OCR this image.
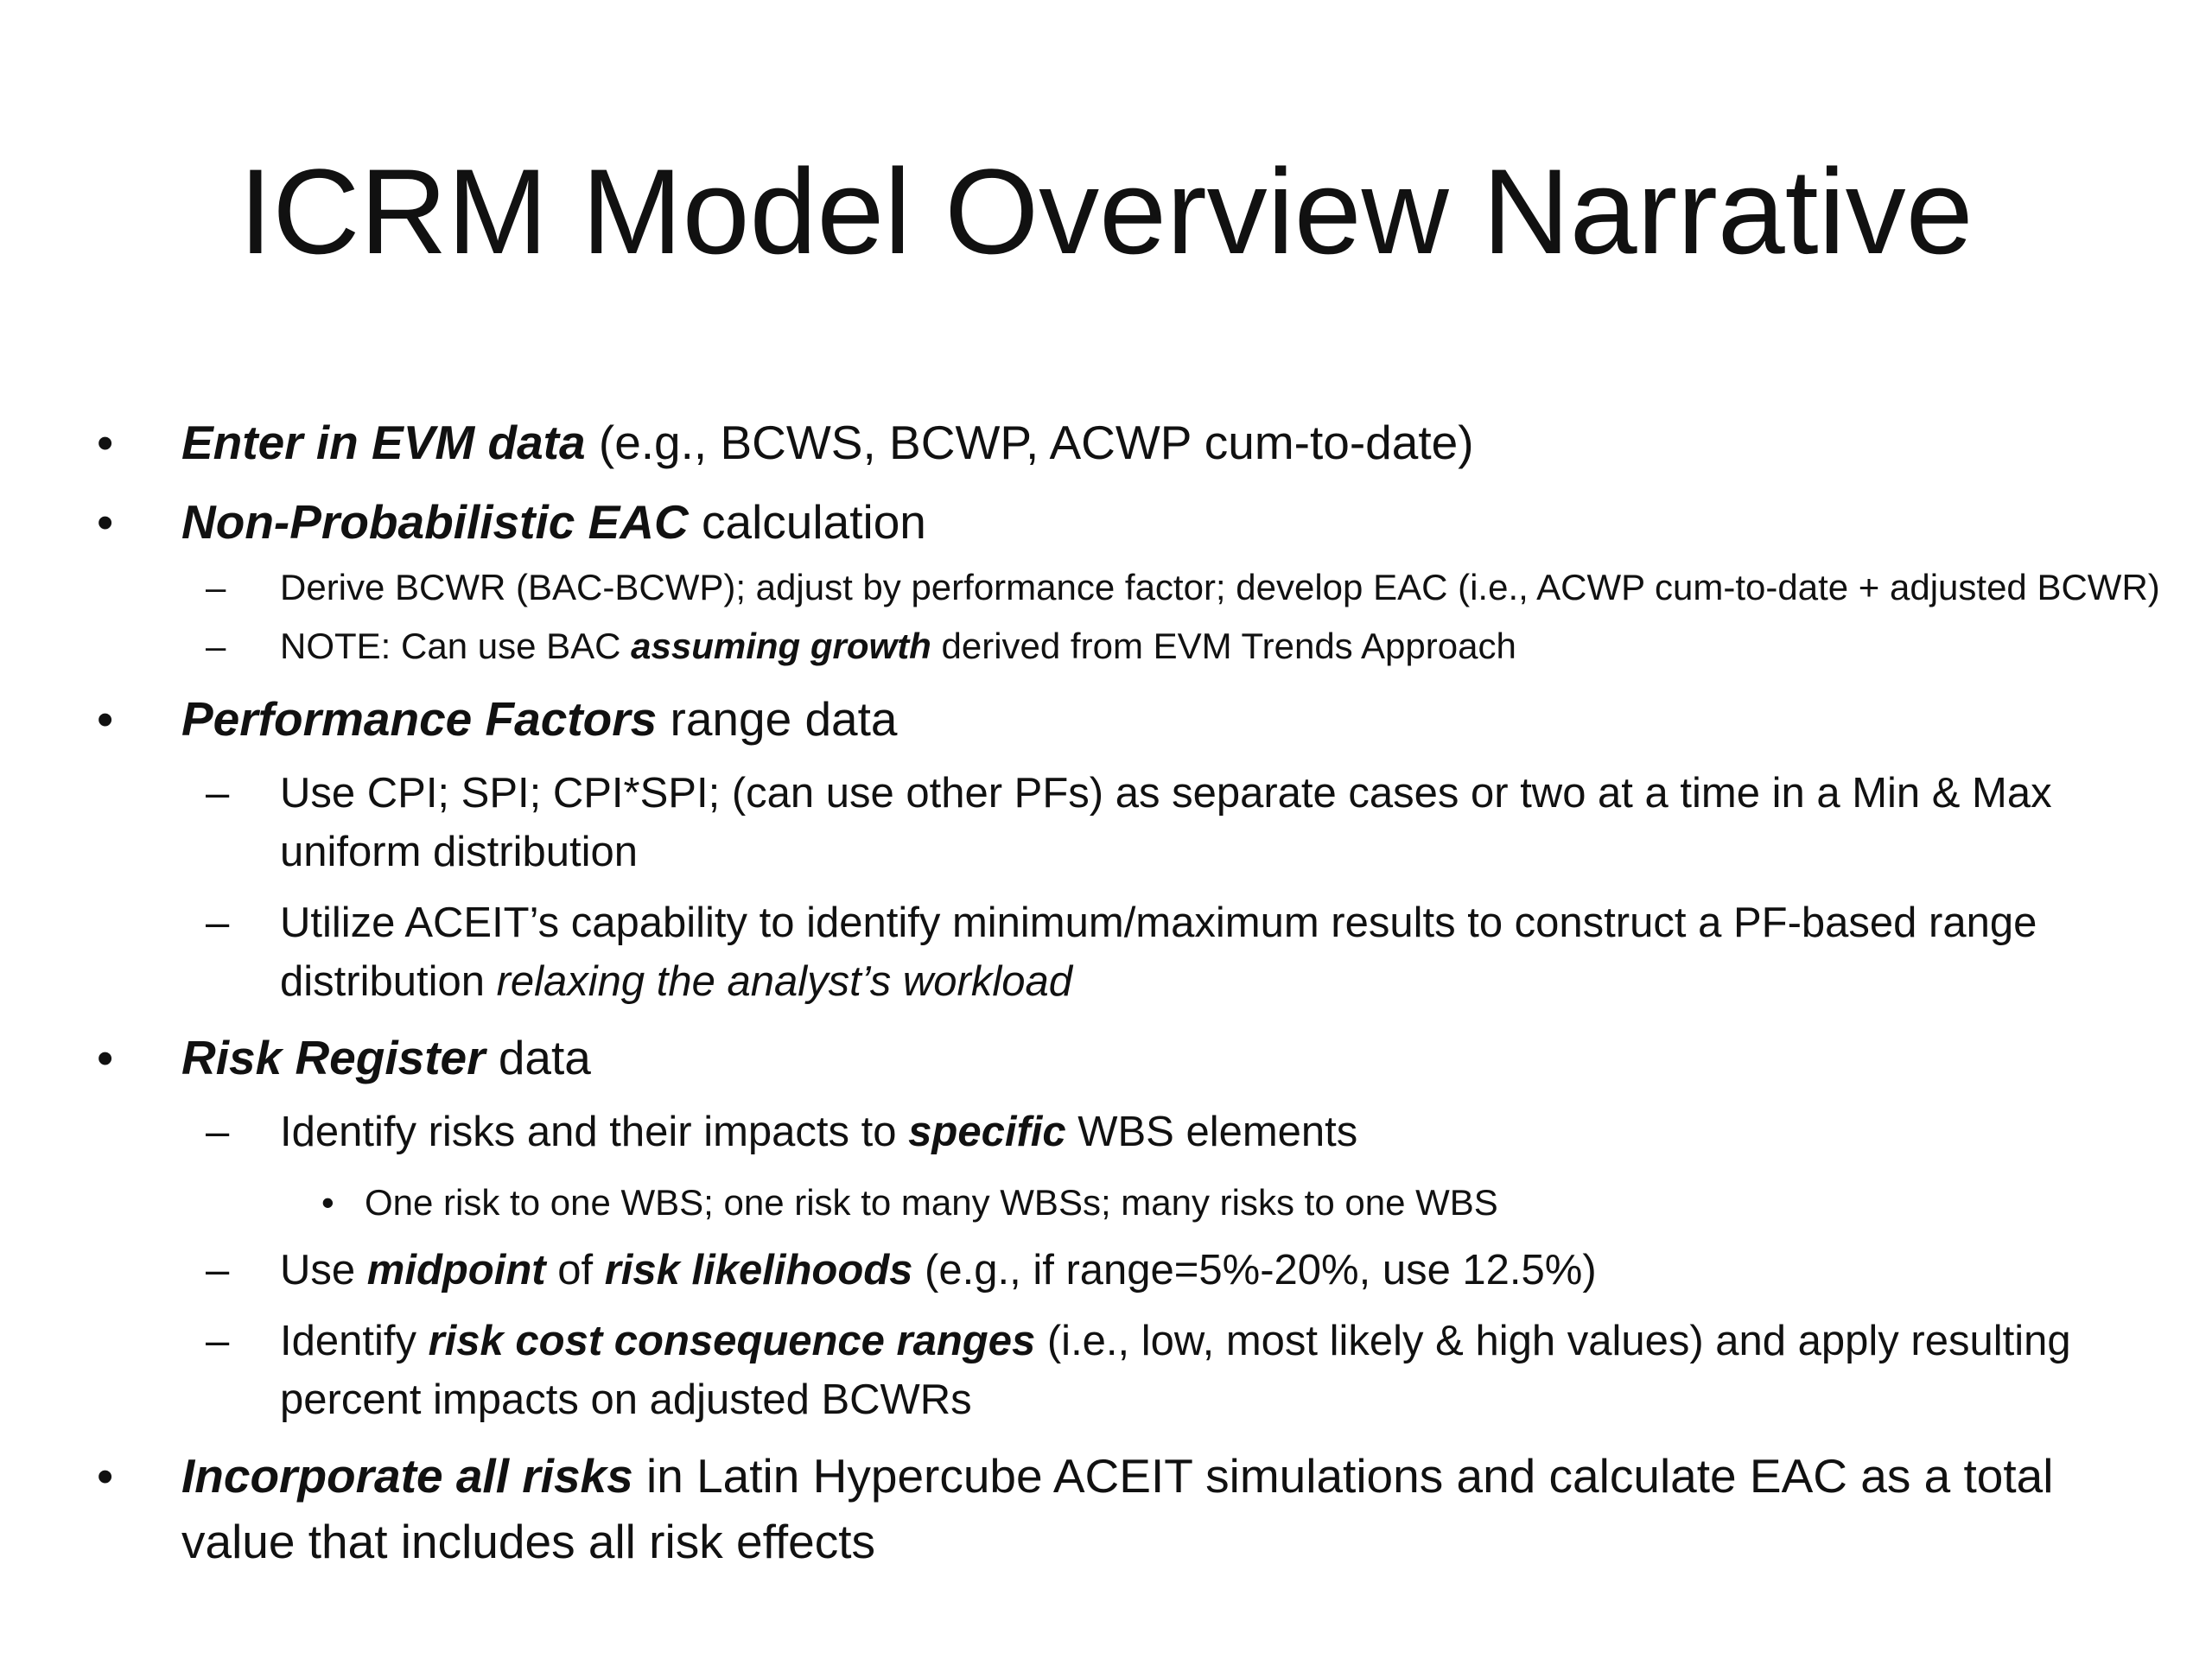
ICRM Model Overview Narrative
•	Enter in EVM data (e.g., BCWS, BCWP, ACWP cum-to-date)
•	Non-Probabilistic EAC calculation
–	Derive BCWR (BAC-BCWP); adjust by performance factor; develop EAC (i.e., ACWP cum-to-date + adjusted BCWR)
–	NOTE: Can use BAC assuming growth derived from EVM Trends Approach
•	Performance Factors range data
–	Use CPI; SPI; CPI*SPI; (can use other PFs) as separate cases or two at a time in a Min & Max uniform distribution
–	Utilize ACEIT’s capability to identify minimum/maximum results to construct a PF-based range distribution relaxing the analyst’s workload
•	Risk Register data
–	Identify risks and their impacts to specific WBS elements
• One risk to one WBS; one risk to many WBSs; many risks to one WBS
–	Use midpoint of risk likelihoods (e.g., if range=5%-20%, use 12.5%)
–	Identify risk cost consequence ranges (i.e., low, most likely & high values) and apply resulting percent impacts on adjusted BCWRs
•	Incorporate all risks in Latin Hypercube ACEIT simulations and calculate EAC as a total value that includes all risk effects
